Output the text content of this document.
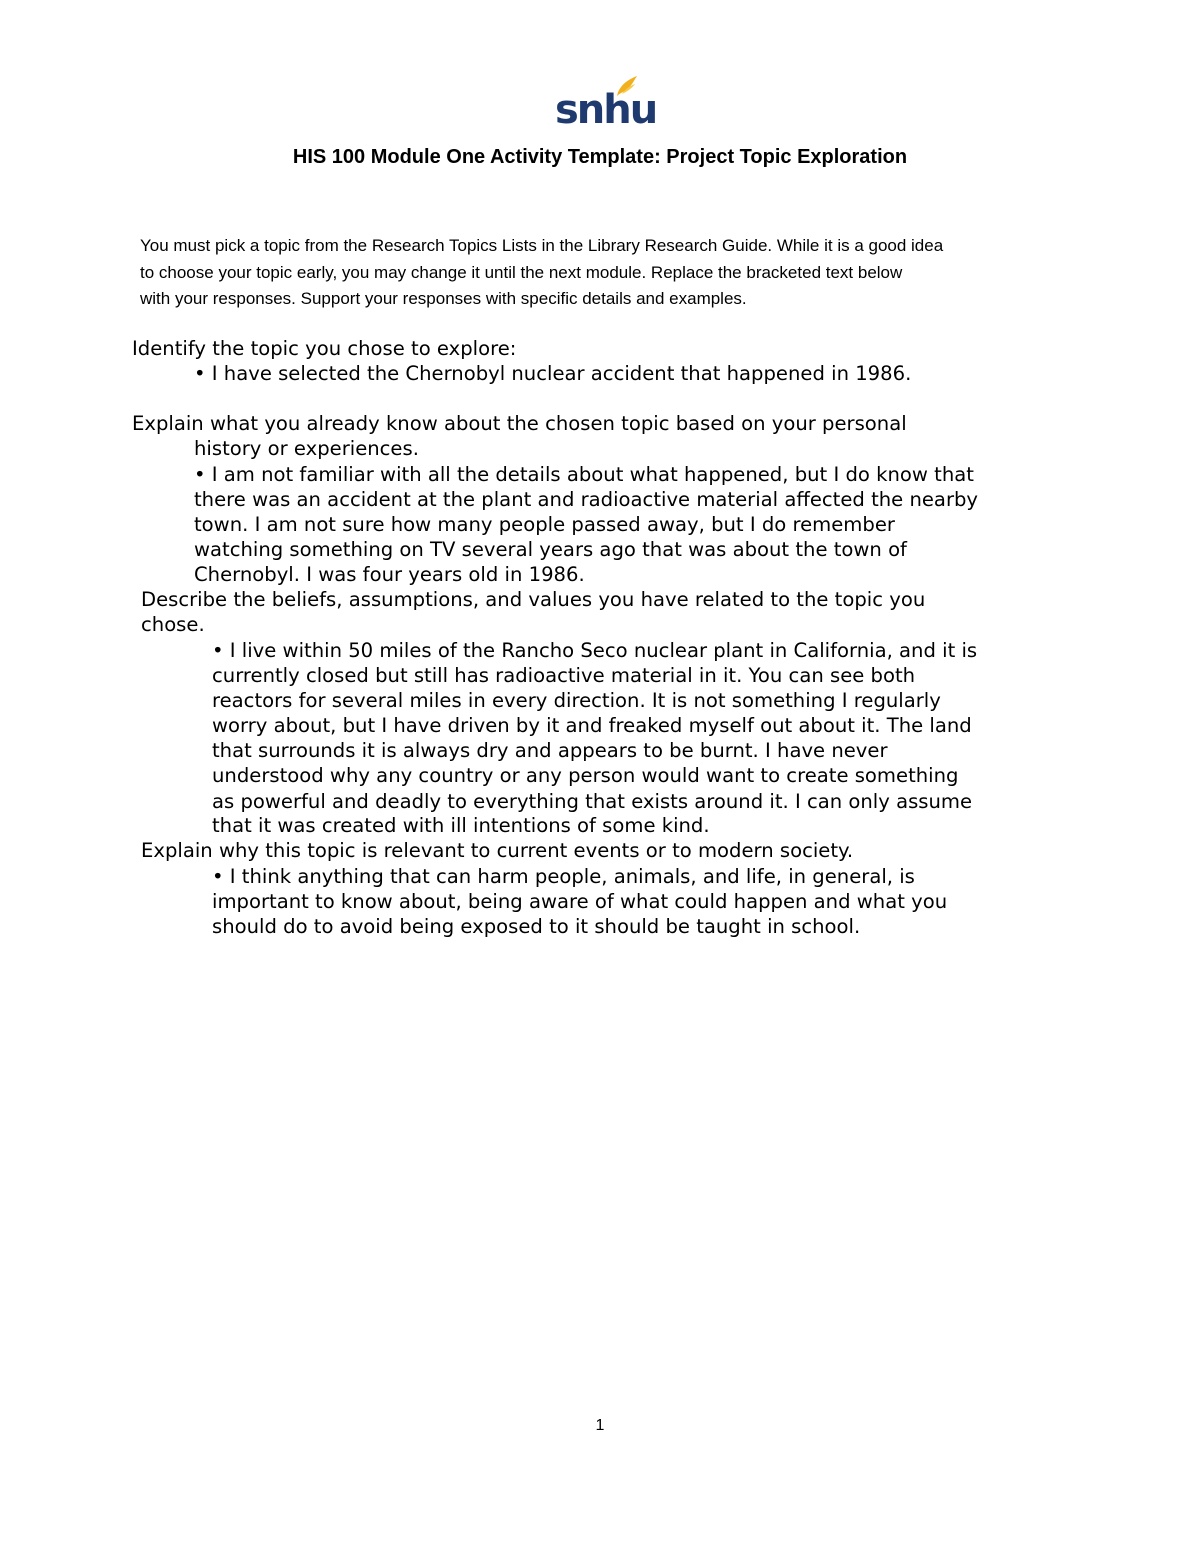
snhu
HIS 100 Module One Activity Template: Project Topic Exploration
You must pick a topic from the Research Topics Lists in the Library Research Guide. While it is a good idea
to choose your topic early, you may change it until the next module. Replace the bracketed text below
with your responses. Support your responses with specific details and examples.
Identify the topic you chose to explore:
• I have selected the Chernobyl nuclear accident that happened in 1986.
Explain what you already know about the chosen topic based on your personal
history or experiences.
• I am not familiar with all the details about what happened, but I do know that
there was an accident at the plant and radioactive material affected the nearby
town. I am not sure how many people passed away, but I do remember
watching something on TV several years ago that was about the town of
Chernobyl. I was four years old in 1986.
Describe the beliefs, assumptions, and values you have related to the topic you
chose.
• I live within 50 miles of the Rancho Seco nuclear plant in California, and it is
currently closed but still has radioactive material in it. You can see both
reactors for several miles in every direction. It is not something I regularly
worry about, but I have driven by it and freaked myself out about it. The land
that surrounds it is always dry and appears to be burnt. I have never
understood why any country or any person would want to create something
as powerful and deadly to everything that exists around it. I can only assume
that it was created with ill intentions of some kind.
Explain why this topic is relevant to current events or to modern society.
• I think anything that can harm people, animals, and life, in general, is
important to know about, being aware of what could happen and what you
should do to avoid being exposed to it should be taught in school.
1
